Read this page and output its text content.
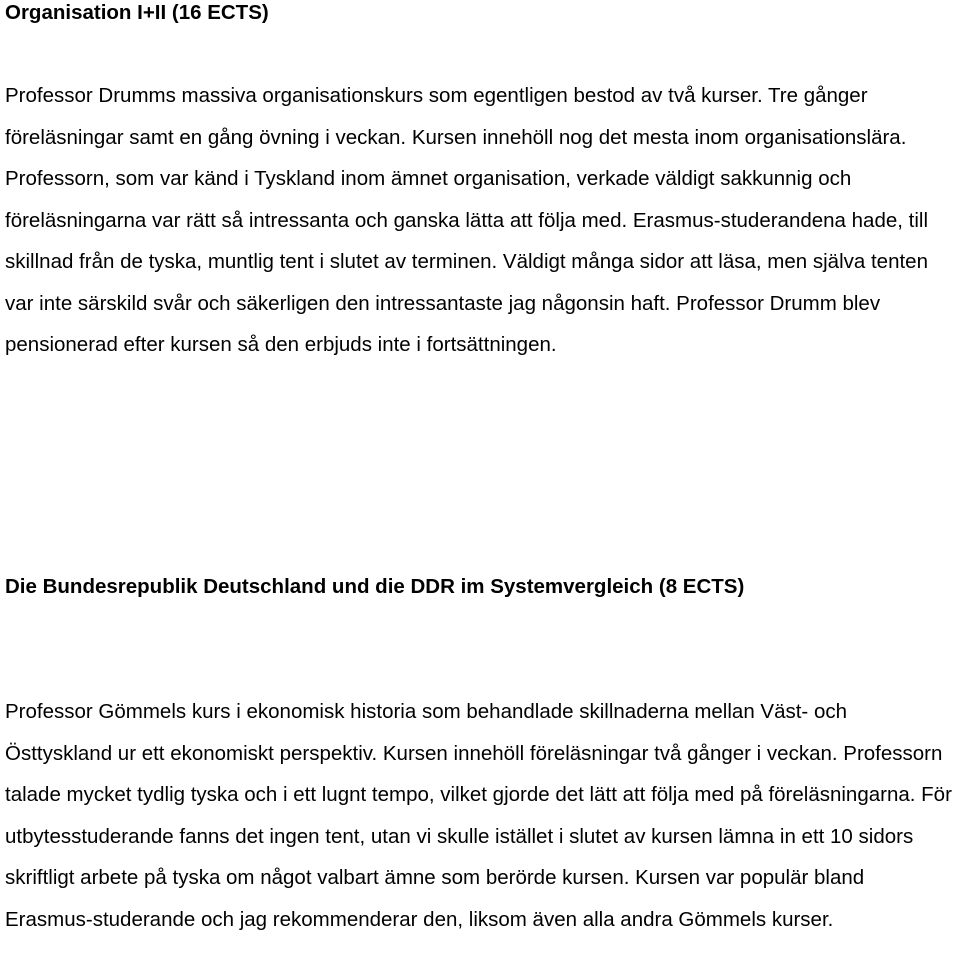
Organisation I+II (16 ECTS)

Professor Drumms massiva organisationskurs som egentligen bestod av två kurser. Tre gånger föreläsningar samt en gång övning i veckan. Kursen innehöll nog det mesta inom organisationslära. Professorn, som var känd i Tyskland inom ämnet organisation, verkade väldigt sakkunnig och föreläsningarna var rätt så intressanta och ganska lätta att följa med. Erasmus-studerandena hade, till skillnad från de tyska, muntlig tent i slutet av terminen. Väldigt många sidor att läsa, men själva tenten var inte särskild svår och säkerligen den intressantaste jag någonsin haft. Professor Drumm blev pensionerad efter kursen så den erbjuds inte i fortsättningen.

Die Bundesrepublik Deutschland und die DDR im Systemvergleich (8 ECTS)

Professor Gömmels kurs i ekonomisk historia som behandlade skillnaderna mellan Väst- och Östtyskland ur ett ekonomiskt perspektiv. Kursen innehöll föreläsningar två gånger i veckan. Professorn talade mycket tydlig tyska och i ett lugnt tempo, vilket gjorde det lätt att följa med på föreläsningarna. För utbytesstuderande fanns det ingen tent, utan vi skulle istället i slutet av kursen lämna in ett 10 sidors skriftligt arbete på tyska om något valbart ämne som berörde kursen. Kursen var populär bland Erasmus-studerande och jag rekommenderar den, liksom även alla andra Gömmels kurser.
